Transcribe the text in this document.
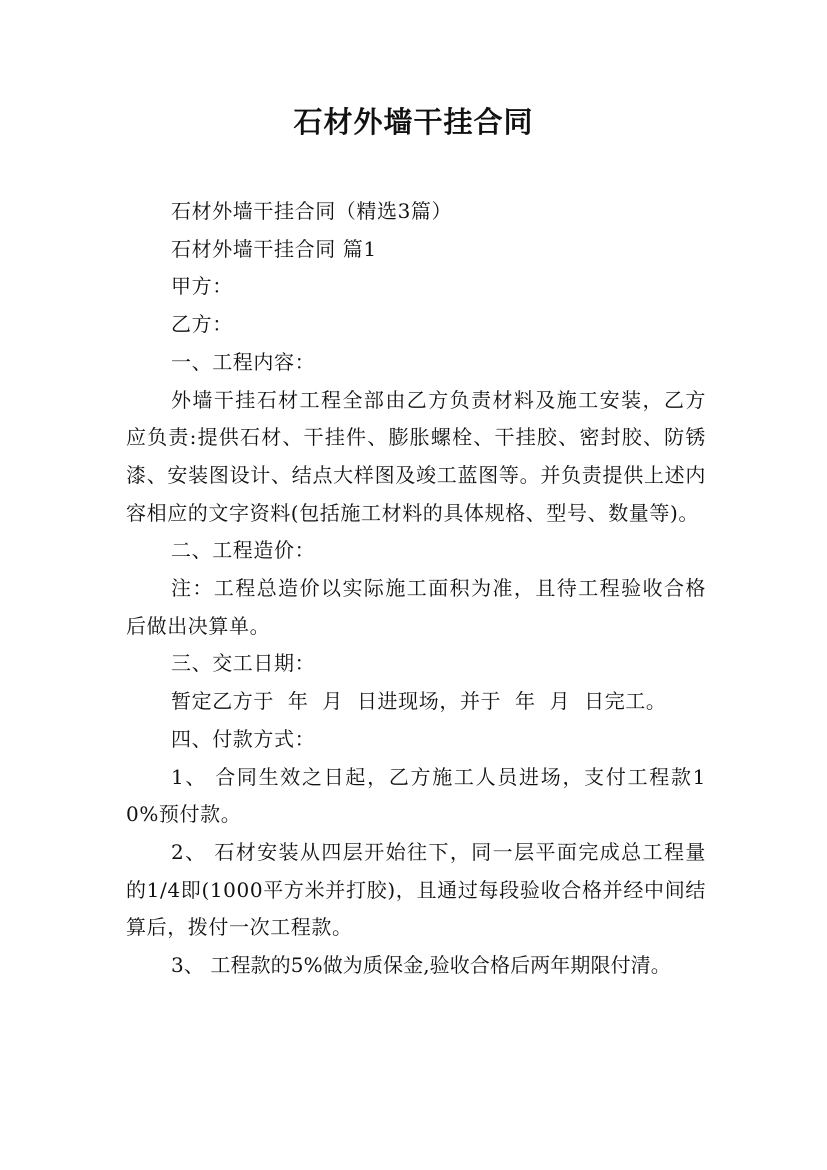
石材外墙干挂合同

石材外墙干挂合同（精选3篇）

石材外墙干挂合同 篇1

甲方：

乙方：

一、工程内容：

外墙干挂石材工程全部由乙方负责材料及施工安装，乙方应负责:提供石材、干挂件、膨胀螺栓、干挂胶、密封胶、防锈漆、安装图设计、结点大样图及竣工蓝图等。并负责提供上述内容相应的文字资料(包括施工材料的具体规格、型号、数量等)。

二、工程造价：

注：工程总造价以实际施工面积为准，且待工程验收合格后做出决算单。

三、交工日期：

暂定乙方于  年  月  日进现场，并于  年  月  日完工。

四、付款方式：

1、 合同生效之日起，乙方施工人员进场，支付工程款10%预付款。

2、 石材安装从四层开始往下，同一层平面完成总工程量的1/4即(1000平方米并打胶)，且通过每段验收合格并经中间结算后，拨付一次工程款。

3、 工程款的5%做为质保金,验收合格后两年期限付清。
